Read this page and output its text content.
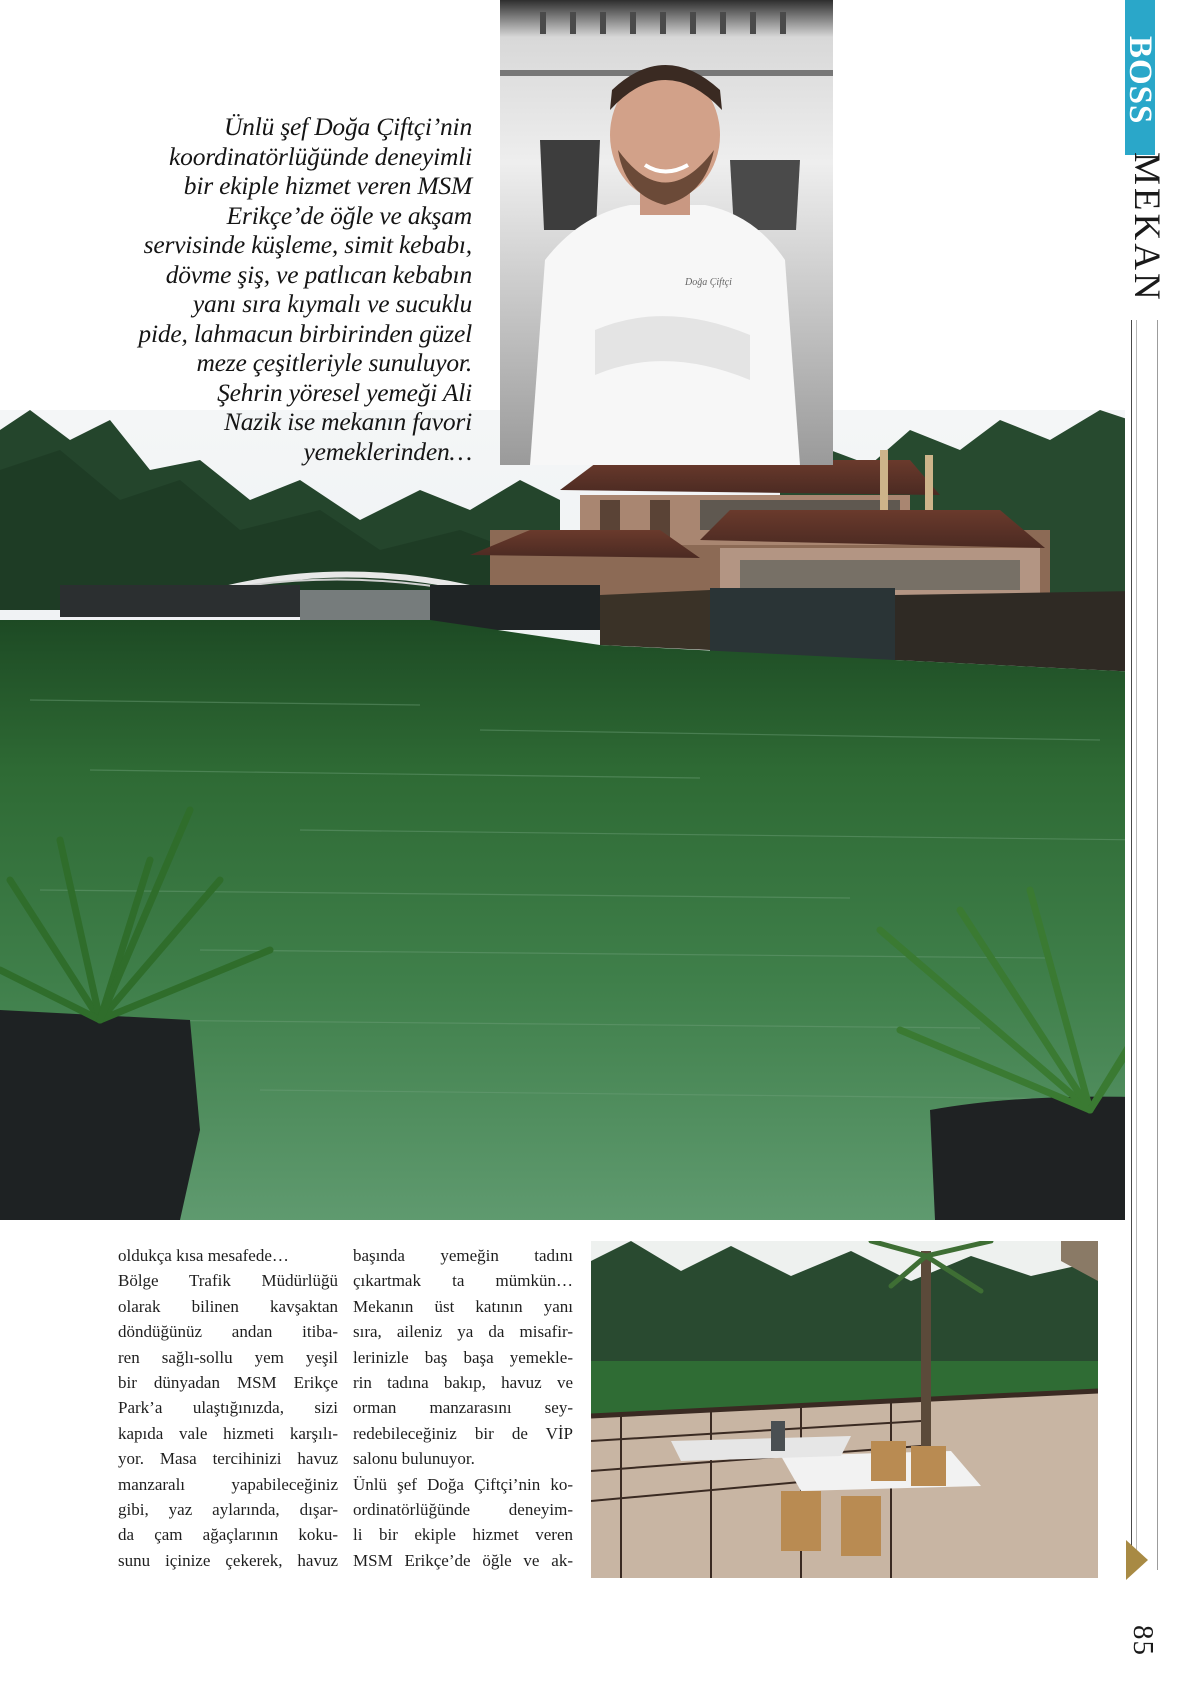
Doğa Çiftçi
Ünlü şef Doğa Çiftçi’nin
koordinatörlüğünde deneyimli
bir ekiple hizmet veren MSM
Erikçe’de öğle ve akşam
servisinde küşleme, simit kebabı,
dövme şiş, ve patlıcan kebabın
yanı sıra kıymalı ve sucuklu
pide, lahmacun birbirinden güzel
meze çeşitleriyle sunuluyor.
Şehrin yöresel yemeği Ali
Nazik ise mekanın favori
yemeklerinden…
oldukça kısa mesafede…
Bölge Trafik Müdürlüğü
olarak bilinen kavşaktan
döndüğünüz andan itiba-
ren sağlı-sollu yem yeşil
bir dünyadan MSM Erikçe
Park’a ulaştığınızda, sizi
kapıda vale hizmeti karşılı-
yor. Masa tercihinizi havuz
manzaralı yapabileceğiniz
gibi, yaz aylarında, dışar-
da çam ağaçlarının koku-
sunu içinize çekerek, havuz
başında yemeğin tadını
çıkartmak ta mümkün…
Mekanın üst katının yanı
sıra, aileniz ya da misafir-
lerinizle baş başa yemekle-
rin tadına bakıp, havuz ve
orman manzarasını sey-
redebileceğiniz bir de VİP
salonu bulunuyor.
Ünlü şef Doğa Çiftçi’nin ko-
ordinatörlüğünde deneyim-
li bir ekiple hizmet veren
MSM Erikçe’de öğle ve ak-
BOSS
MEKAN
85
